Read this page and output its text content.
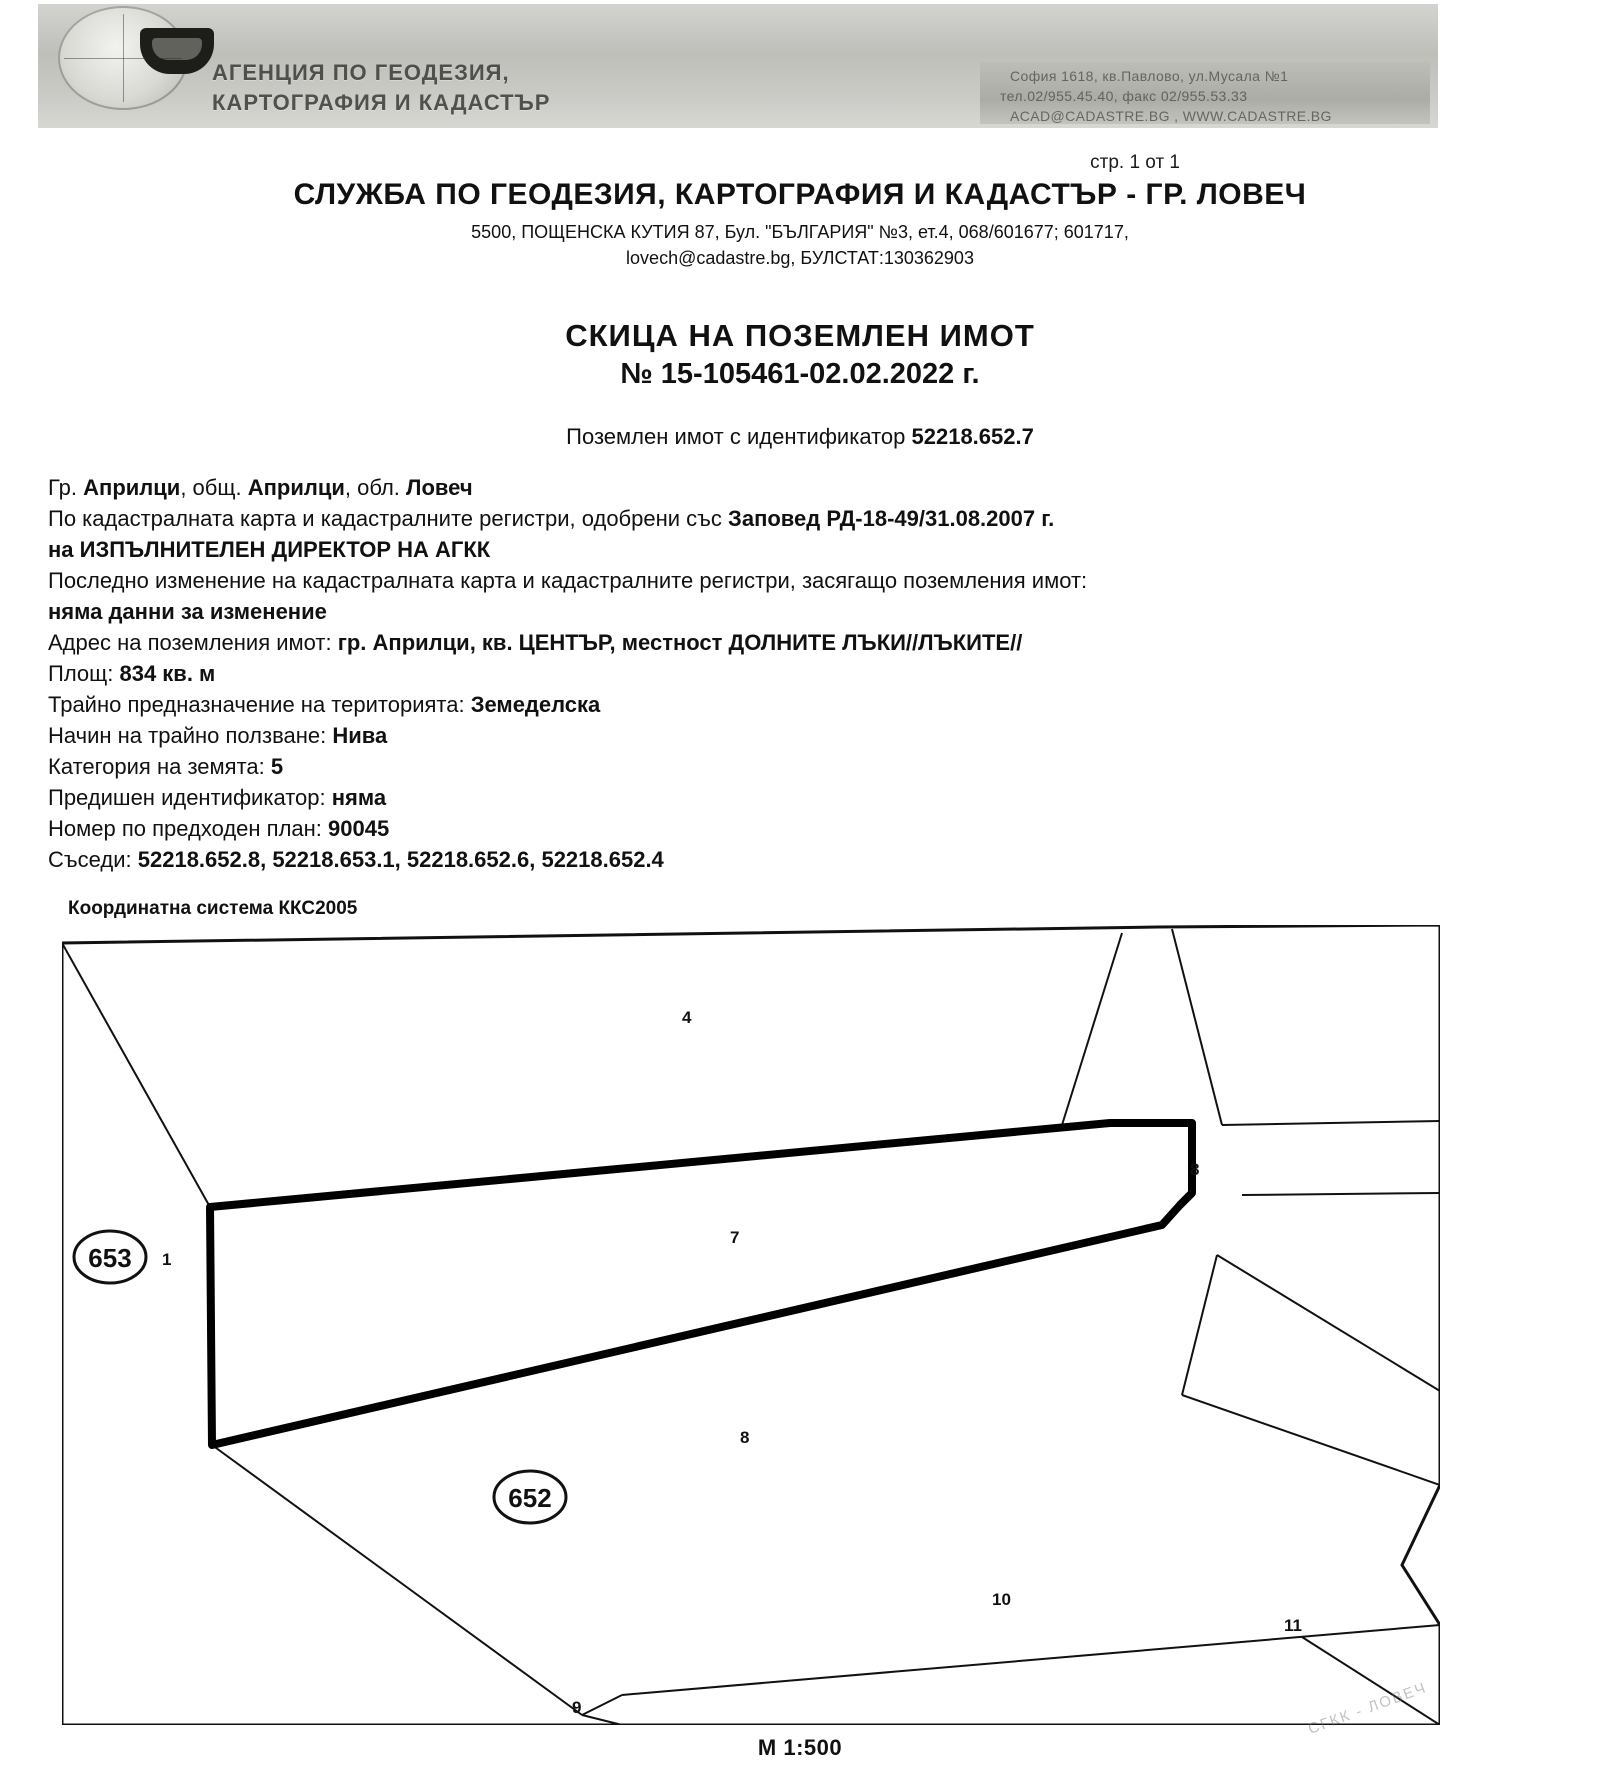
АГЕНЦИЯ ПО ГЕОДЕЗИЯ,
КАРТОГРАФИЯ И КАДАСТЪР
София 1618, кв.Павлово, ул.Мусала №1
тел.02/955.45.40, факс 02/955.53.33
ACAD@CADASTRE.BG , WWW.CADASTRE.BG
стр. 1 от 1
СЛУЖБА ПО ГЕОДЕЗИЯ, КАРТОГРАФИЯ И КАДАСТЪР - ГР. ЛОВЕЧ
5500, ПОЩЕНСКА КУТИЯ 87, Бул. "БЪЛГАРИЯ" №3, ет.4, 068/601677; 601717,
lovech@cadastre.bg, БУЛСТАТ:130362903
СКИЦА НА ПОЗЕМЛЕН ИМОТ
№ 15-105461-02.02.2022 г.
Поземлен имот с идентификатор 52218.652.7
Гр. Априлци, общ. Априлци, обл. Ловеч
По кадастралната карта и кадастралните регистри, одобрени със Заповед РД-18-49/31.08.2007 г.
на ИЗПЪЛНИТЕЛЕН ДИРЕКТОР НА АГКК
Последно изменение на кадастралната карта и кадастралните регистри, засягащо поземления имот:
няма данни за изменение
Адрес на поземления имот: гр. Априлци, кв. ЦЕНТЪР, местност ДОЛНИТЕ ЛЪКИ//ЛЪКИТЕ//
Площ: 834 кв. м
Трайно предназначение на територията: Земеделска
Начин на трайно ползване: Нива
Категория на земята: 5
Предишен идентификатор: няма
Номер по предходен план: 90045
Съседи: 52218.652.8, 52218.653.1, 52218.652.6, 52218.652.4
Координатна система ККС2005
653
652
4
1
7
8
8
9
10
11
СГКК - ЛОВЕЧ
M 1:500
